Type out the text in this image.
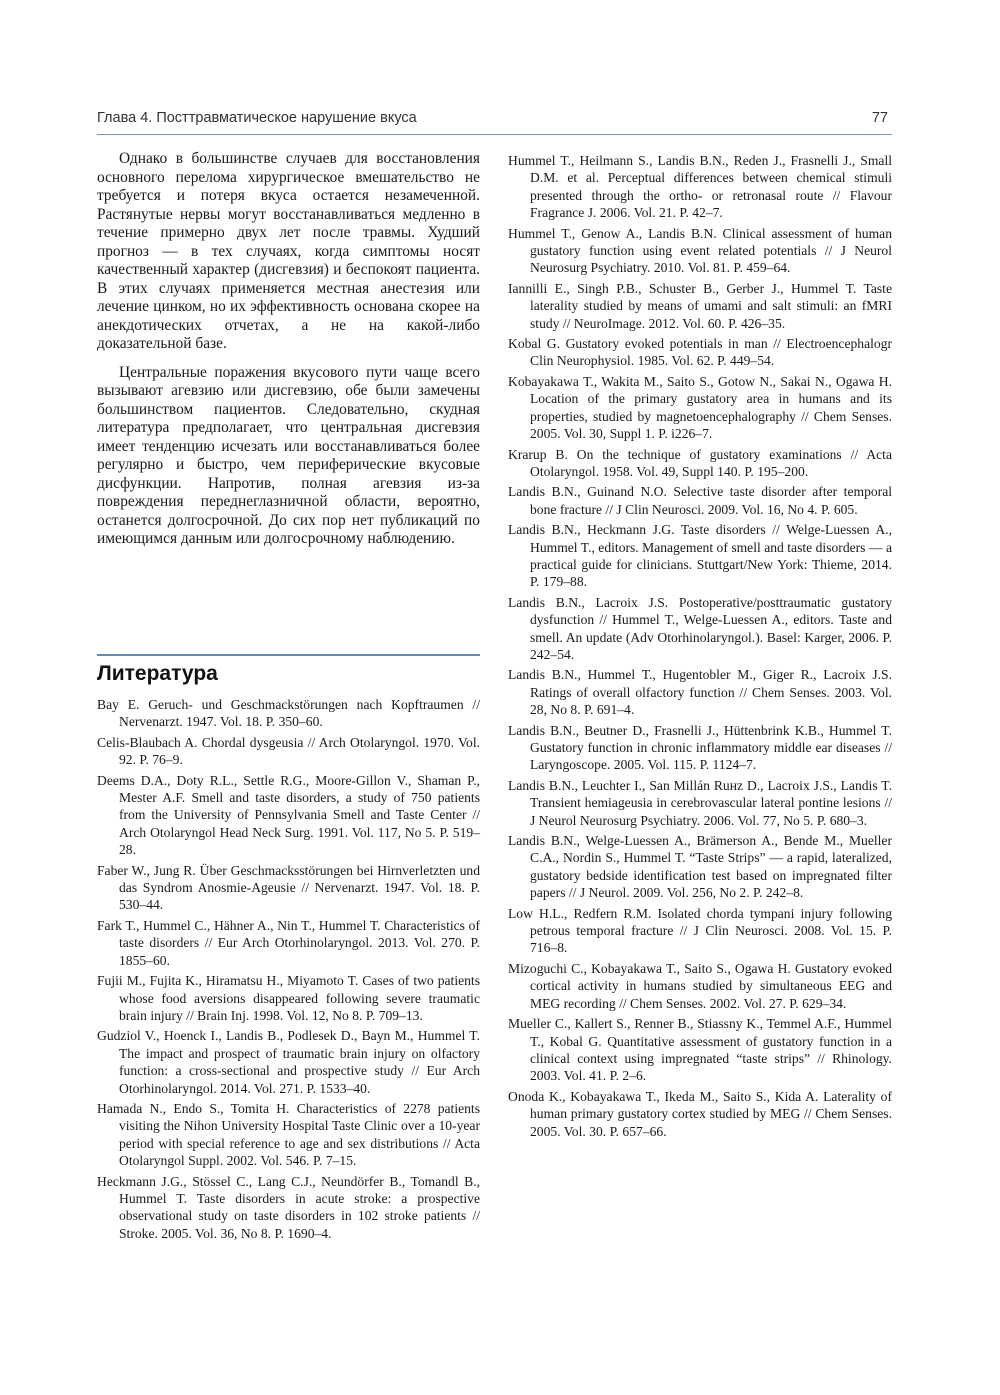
Глава 4. Посттравматическое нарушение вкуса	77

Однако в большинстве случаев для восстановления основного перелома хирургическое вмешательство не требуется и потеря вкуса остается незамеченной. Растянутые нервы могут восстанавливаться медленно в течение примерно двух лет после травмы. Худший прогноз — в тех случаях, когда симптомы носят качественный характер (дисгевзия) и беспокоят пациента. В этих случаях применяется местная анестезия или лечение цинком, но их эффективность основана скорее на анекдотических отчетах, а не на какой-либо доказательной базе.

Центральные поражения вкусового пути чаще всего вызывают агевзию или дисгевзию, обе были замечены большинством пациентов. Следовательно, скудная литература предполагает, что центральная дисгевзия имеет тенденцию исчезать или восстанавливаться более регулярно и быстро, чем периферические вкусовые дисфункции. Напротив, полная агевзия из-за повреждения переднеглазничной области, вероятно, останется долгосрочной. До сих пор нет публикаций по имеющимся данным или долгосрочному наблюдению.

Литература

Bay E. Geruch- und Geschmackstörungen nach Kopftraumen // Nervenarzt. 1947. Vol. 18. P. 350–60.

Celis-Blaubach A. Chordal dysgeusia // Arch Otolaryngol. 1970. Vol. 92. P. 76–9.

Deems D.A., Doty R.L., Settle R.G., Moore-Gillon V., Shaman P., Mester A.F. Smell and taste disorders, a study of 750 patients from the University of Pennsylvania Smell and Taste Center // Arch Otolaryngol Head Neck Surg. 1991. Vol. 117, No 5. P. 519–28.

Faber W., Jung R. Über Geschmacksstörungen bei Hirnverletzten und das Syndrom Anosmie-Ageusie // Nervenarzt. 1947. Vol. 18. P. 530–44.

Fark T., Hummel C., Hähner A., Nin T., Hummel T. Characteristics of taste disorders // Eur Arch Otorhinolaryngol. 2013. Vol. 270. P. 1855–60.

Fujii M., Fujita K., Hiramatsu H., Miyamoto T. Cases of two patients whose food aversions disappeared following severe traumatic brain injury // Brain Inj. 1998. Vol. 12, No 8. P. 709–13.

Gudziol V., Hoenck I., Landis B., Podlesek D., Bayn M., Hummel T. The impact and prospect of traumatic brain injury on olfactory function: a cross-sectional and prospective study // Eur Arch Otorhinolaryngol. 2014. Vol. 271. P. 1533–40.

Hamada N., Endo S., Tomita H. Characteristics of 2278 patients visiting the Nihon University Hospital Taste Clinic over a 10-year period with special reference to age and sex distributions // Acta Otolaryngol Suppl. 2002. Vol. 546. P. 7–15.

Heckmann J.G., Stössel C., Lang C.J., Neundörfer B., Tomandl B., Hummel T. Taste disorders in acute stroke: a prospective observational study on taste disorders in 102 stroke patients // Stroke. 2005. Vol. 36, No 8. P. 1690–4.

Hummel T., Heilmann S., Landis B.N., Reden J., Frasnelli J., Small D.M. et al. Perceptual differences between chemical stimuli presented through the ortho- or retronasal route // Flavour Fragrance J. 2006. Vol. 21. P. 42–7.

Hummel T., Genow A., Landis B.N. Clinical assessment of human gustatory function using event related potentials // J Neurol Neurosurg Psychiatry. 2010. Vol. 81. P. 459–64.

Iannilli E., Singh P.B., Schuster B., Gerber J., Hummel T. Taste laterality studied by means of umami and salt stimuli: an fMRI study // NeuroImage. 2012. Vol. 60. P. 426–35.

Kobal G. Gustatory evoked potentials in man // Electroencephalogr Clin Neurophysiol. 1985. Vol. 62. P. 449–54.

Kobayakawa T., Wakita M., Saito S., Gotow N., Sakai N., Ogawa H. Location of the primary gustatory area in humans and its properties, studied by magnetoencephalography // Chem Senses. 2005. Vol. 30, Suppl 1. P. i226–7.

Krarup B. On the technique of gustatory examinations // Acta Otolaryngol. 1958. Vol. 49, Suppl 140. P. 195–200.

Landis B.N., Guinand N.O. Selective taste disorder after temporal bone fracture // J Clin Neurosci. 2009. Vol. 16, No 4. P. 605.

Landis B.N., Heckmann J.G. Taste disorders // Welge-Luessen A., Hummel T., editors. Management of smell and taste disorders — a practical guide for clinicians. Stuttgart/New York: Thieme, 2014. P. 179–88.

Landis B.N., Lacroix J.S. Postoperative/posttraumatic gustatory dysfunction // Hummel T., Welge-Luessen A., editors. Taste and smell. An update (Adv Otorhinolaryngol.). Basel: Karger, 2006. P. 242–54.

Landis B.N., Hummel T., Hugentobler M., Giger R., Lacroix J.S. Ratings of overall olfactory function // Chem Senses. 2003. Vol. 28, No 8. P. 691–4.

Landis B.N., Beutner D., Frasnelli J., Hüttenbrink K.B., Hummel T. Gustatory function in chronic inflammatory middle ear diseases // Laryngoscope. 2005. Vol. 115. P. 1124–7.

Landis B.N., Leuchter I., San Millán Ruнz D., Lacroix J.S., Landis T. Transient hemiageusia in cerebrovascular lateral pontine lesions // J Neurol Neurosurg Psychiatry. 2006. Vol. 77, No 5. P. 680–3.

Landis B.N., Welge-Luessen A., Brämerson A., Bende M., Mueller C.A., Nordin S., Hummel T. “Taste Strips” — a rapid, lateralized, gustatory bedside identification test based on impregnated filter papers // J Neurol. 2009. Vol. 256, No 2. P. 242–8.

Low H.L., Redfern R.M. Isolated chorda tympani injury following petrous temporal fracture // J Clin Neurosci. 2008. Vol. 15. P. 716–8.

Mizoguchi C., Kobayakawa T., Saito S., Ogawa H. Gustatory evoked cortical activity in humans studied by simultaneous EEG and MEG recording // Chem Senses. 2002. Vol. 27. P. 629–34.

Mueller C., Kallert S., Renner B., Stiassny K., Temmel A.F., Hummel T., Kobal G. Quantitative assessment of gustatory function in a clinical context using impregnated “taste strips” // Rhinology. 2003. Vol. 41. P. 2–6.

Onoda K., Kobayakawa T., Ikeda M., Saito S., Kida A. Laterality of human primary gustatory cortex studied by MEG // Chem Senses. 2005. Vol. 30. P. 657–66.
